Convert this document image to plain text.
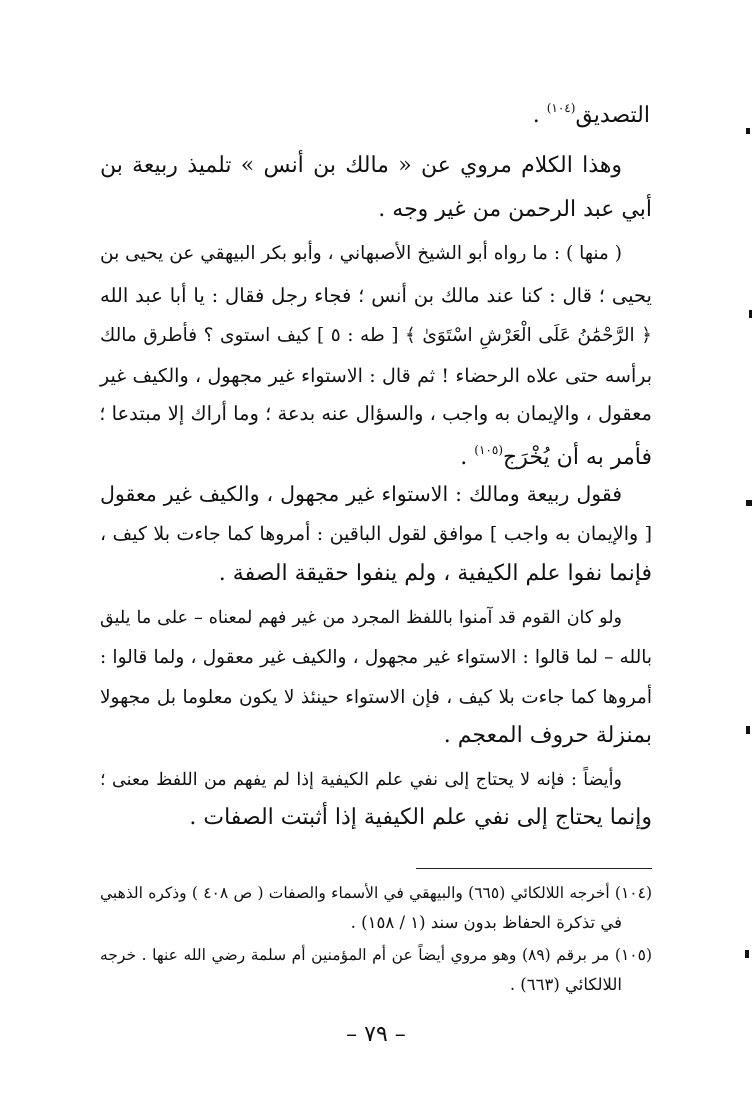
التصديق$^{(١٠٤)}$ .
وهذا الكلام مروي عن « مالك بن أنس » تلميذ ربيعة بن
أبي عبد الرحمن من غير وجه .
( منها ) : ما رواه أبو الشيخ الأصبهاني ، وأبو بكر البيهقي عن يحيى بن
يحيى ؛ قال : كنا عند مالك بن أنس ؛ فجاء رجل فقال : يا أبا عبد الله
﴿ الرَّحْمَٰنُ عَلَى الْعَرْشِ اسْتَوَىٰ ﴾ [ طه : ٥ ] كيف استوى ؟ فأطرق مالك
برأسه حتى علاه الرحضاء ! ثم قال : الاستواء غير مجهول ، والكيف غير
معقول ، والإيمان به واجب ، والسؤال عنه بدعة ؛ وما أراك إلا مبتدعا ؛
فأمر به أن يُخْرَج$^{(١٠٥)}$ .
فقول ربيعة ومالك : الاستواء غير مجهول ، والكيف غير معقول
[ والإيمان به واجب ] موافق لقول الباقين : أمروها كما جاءت بلا كيف ،
فإنما نفوا علم الكيفية ، ولم ينفوا حقيقة الصفة .
ولو كان القوم قد آمنوا باللفظ المجرد من غير فهم لمعناه – على ما يليق
بالله – لما قالوا : الاستواء غير مجهول ، والكيف غير معقول ، ولما قالوا :
أمروها كما جاءت بلا كيف ، فإن الاستواء حينئذ لا يكون معلوما بل مجهولا
بمنزلة حروف المعجم .
وأيضاً : فإنه لا يحتاج إلى نفي علم الكيفية إذا لم يفهم من اللفظ معنى ؛
وإنما يحتاج إلى نفي علم الكيفية إذا أثبتت الصفات .
(١٠٤) أخرجه اللالكائي (٦٦٥) والبيهقي في الأسماء والصفات ( ص ٤٠٨ ) وذكره الذهبي
في تذكرة الحفاظ بدون سند (١ / ١٥٨) .
(١٠٥) مر برقم (٨٩) وهو مروي أيضاً عن أم المؤمنين أم سلمة رضي الله عنها . خرجه
اللالكائي (٦٦٣) .
– ٧٩ –
